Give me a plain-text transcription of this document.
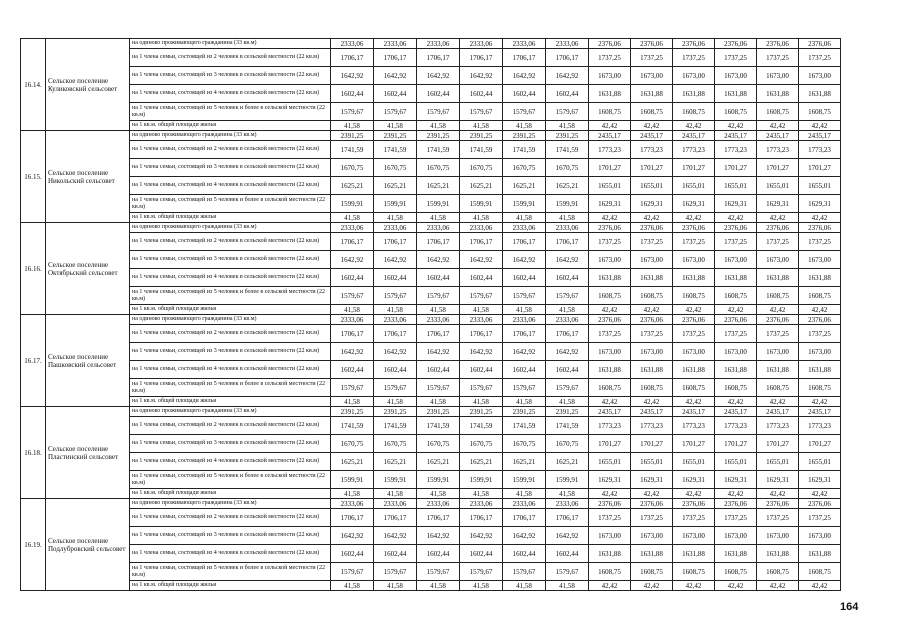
16.14.	Сельское поселение Куликовский сельсовет	на одиноко проживающего гражданина (33 кв.м)	2333,06	2333,06	2333,06	2333,06	2333,06	2333,06	2376,06	2376,06	2376,06	2376,06	2376,06	2376,06
		на 1 члена семьи, состоящей из 2 человек в сельской местности (22 кв.м)	1706,17	1706,17	1706,17	1706,17	1706,17	1706,17	1737,25	1737,25	1737,25	1737,25	1737,25	1737,25
		на 1 члена семьи, состоящей из 3 человек в сельской местности (22 кв.м)	1642,92	1642,92	1642,92	1642,92	1642,92	1642,92	1673,00	1673,00	1673,00	1673,00	1673,00	1673,00
		на 1 члена семьи, состоящей из 4 человек в сельской местности (22 кв.м)	1602,44	1602,44	1602,44	1602,44	1602,44	1602,44	1631,88	1631,88	1631,88	1631,88	1631,88	1631,88
		на 1 члена семьи, состоящей из 5 человек и более в сельской местности (22 кв.м)	1579,67	1579,67	1579,67	1579,67	1579,67	1579,67	1608,75	1608,75	1608,75	1608,75	1608,75	1608,75
		на 1 кв.м. общей площади жилья	41,58	41,58	41,58	41,58	41,58	41,58	42,42	42,42	42,42	42,42	42,42	42,42
16.15.	Сельское поселение Никольский сельсовет	на одиноко проживающего гражданина (33 кв.м)	2391,25	2391,25	2391,25	2391,25	2391,25	2391,25	2435,17	2435,17	2435,17	2435,17	2435,17	2435,17
		на 1 члена семьи, состоящей из 2 человек в сельской местности (22 кв.м)	1741,59	1741,59	1741,59	1741,59	1741,59	1741,59	1773,23	1773,23	1773,23	1773,23	1773,23	1773,23
		на 1 члена семьи, состоящей из 3 человек в сельской местности (22 кв.м)	1670,75	1670,75	1670,75	1670,75	1670,75	1670,75	1701,27	1701,27	1701,27	1701,27	1701,27	1701,27
		на 1 члена семьи, состоящей из 4 человек в сельской местности (22 кв.м)	1625,21	1625,21	1625,21	1625,21	1625,21	1625,21	1655,01	1655,01	1655,01	1655,01	1655,01	1655,01
		на 1 члена семьи, состоящей из 5 человек и более в сельской местности (22 кв.м)	1599,91	1599,91	1599,91	1599,91	1599,91	1599,91	1629,31	1629,31	1629,31	1629,31	1629,31	1629,31
		на 1 кв.м. общей площади жилья	41,58	41,58	41,58	41,58	41,58	41,58	42,42	42,42	42,42	42,42	42,42	42,42
16.16.	Сельское поселение Октябрьский сельсовет	на одиноко проживающего гражданина (33 кв.м)	2333,06	2333,06	2333,06	2333,06	2333,06	2333,06	2376,06	2376,06	2376,06	2376,06	2376,06	2376,06
		на 1 члена семьи, состоящей из 2 человек в сельской местности (22 кв.м)	1706,17	1706,17	1706,17	1706,17	1706,17	1706,17	1737,25	1737,25	1737,25	1737,25	1737,25	1737,25
		на 1 члена семьи, состоящей из 3 человек в сельской местности (22 кв.м)	1642,92	1642,92	1642,92	1642,92	1642,92	1642,92	1673,00	1673,00	1673,00	1673,00	1673,00	1673,00
		на 1 члена семьи, состоящей из 4 человек в сельской местности (22 кв.м)	1602,44	1602,44	1602,44	1602,44	1602,44	1602,44	1631,88	1631,88	1631,88	1631,88	1631,88	1631,88
		на 1 члена семьи, состоящей из 5 человек и более в сельской местности (22 кв.м)	1579,67	1579,67	1579,67	1579,67	1579,67	1579,67	1608,75	1608,75	1608,75	1608,75	1608,75	1608,75
		на 1 кв.м. общей площади жилья	41,58	41,58	41,58	41,58	41,58	41,58	42,42	42,42	42,42	42,42	42,42	42,42
16.17.	Сельское поселение Пашковский сельсовет	на одиноко проживающего гражданина (33 кв.м)	2333,06	2333,06	2333,06	2333,06	2333,06	2333,06	2376,06	2376,06	2376,06	2376,06	2376,06	2376,06
		на 1 члена семьи, состоящей из 2 человек в сельской местности (22 кв.м)	1706,17	1706,17	1706,17	1706,17	1706,17	1706,17	1737,25	1737,25	1737,25	1737,25	1737,25	1737,25
		на 1 члена семьи, состоящей из 3 человек в сельской местности (22 кв.м)	1642,92	1642,92	1642,92	1642,92	1642,92	1642,92	1673,00	1673,00	1673,00	1673,00	1673,00	1673,00
		на 1 члена семьи, состоящей из 4 человек в сельской местности (22 кв.м)	1602,44	1602,44	1602,44	1602,44	1602,44	1602,44	1631,88	1631,88	1631,88	1631,88	1631,88	1631,88
		на 1 члена семьи, состоящей из 5 человек и более в сельской местности (22 кв.м)	1579,67	1579,67	1579,67	1579,67	1579,67	1579,67	1608,75	1608,75	1608,75	1608,75	1608,75	1608,75
		на 1 кв.м. общей площади жилья	41,58	41,58	41,58	41,58	41,58	41,58	42,42	42,42	42,42	42,42	42,42	42,42
16.18.	Сельское поселение Пластинский сельсовет	на одиноко проживающего гражданина (33 кв.м)	2391,25	2391,25	2391,25	2391,25	2391,25	2391,25	2435,17	2435,17	2435,17	2435,17	2435,17	2435,17
		на 1 члена семьи, состоящей из 2 человек в сельской местности (22 кв.м)	1741,59	1741,59	1741,59	1741,59	1741,59	1741,59	1773,23	1773,23	1773,23	1773,23	1773,23	1773,23
		на 1 члена семьи, состоящей из 3 человек в сельской местности (22 кв.м)	1670,75	1670,75	1670,75	1670,75	1670,75	1670,75	1701,27	1701,27	1701,27	1701,27	1701,27	1701,27
		на 1 члена семьи, состоящей из 4 человек в сельской местности (22 кв.м)	1625,21	1625,21	1625,21	1625,21	1625,21	1625,21	1655,01	1655,01	1655,01	1655,01	1655,01	1655,01
		на 1 члена семьи, состоящей из 5 человек и более в сельской местности (22 кв.м)	1599,91	1599,91	1599,91	1599,91	1599,91	1599,91	1629,31	1629,31	1629,31	1629,31	1629,31	1629,31
		на 1 кв.м. общей площади жилья	41,58	41,58	41,58	41,58	41,58	41,58	42,42	42,42	42,42	42,42	42,42	42,42
16.19.	Сельское поселение Подлубровский сельсовет	на одиноко проживающего гражданина (33 кв.м)	2333,06	2333,06	2333,06	2333,06	2333,06	2333,06	2376,06	2376,06	2376,06	2376,06	2376,06	2376,06
		на 1 члена семьи, состоящей из 2 человек в сельской местности (22 кв.м)	1706,17	1706,17	1706,17	1706,17	1706,17	1706,17	1737,25	1737,25	1737,25	1737,25	1737,25	1737,25
		на 1 члена семьи, состоящей из 3 человек в сельской местности (22 кв.м)	1642,92	1642,92	1642,92	1642,92	1642,92	1642,92	1673,00	1673,00	1673,00	1673,00	1673,00	1673,00
		на 1 члена семьи, состоящей из 4 человек в сельской местности (22 кв.м)	1602,44	1602,44	1602,44	1602,44	1602,44	1602,44	1631,88	1631,88	1631,88	1631,88	1631,88	1631,88
		на 1 члена семьи, состоящей из 5 человек и более в сельской местности (22 кв.м)	1579,67	1579,67	1579,67	1579,67	1579,67	1579,67	1608,75	1608,75	1608,75	1608,75	1608,75	1608,75
		на 1 кв.м. общей площади жилья	41,58	41,58	41,58	41,58	41,58	41,58	42,42	42,42	42,42	42,42	42,42	42,42
164
